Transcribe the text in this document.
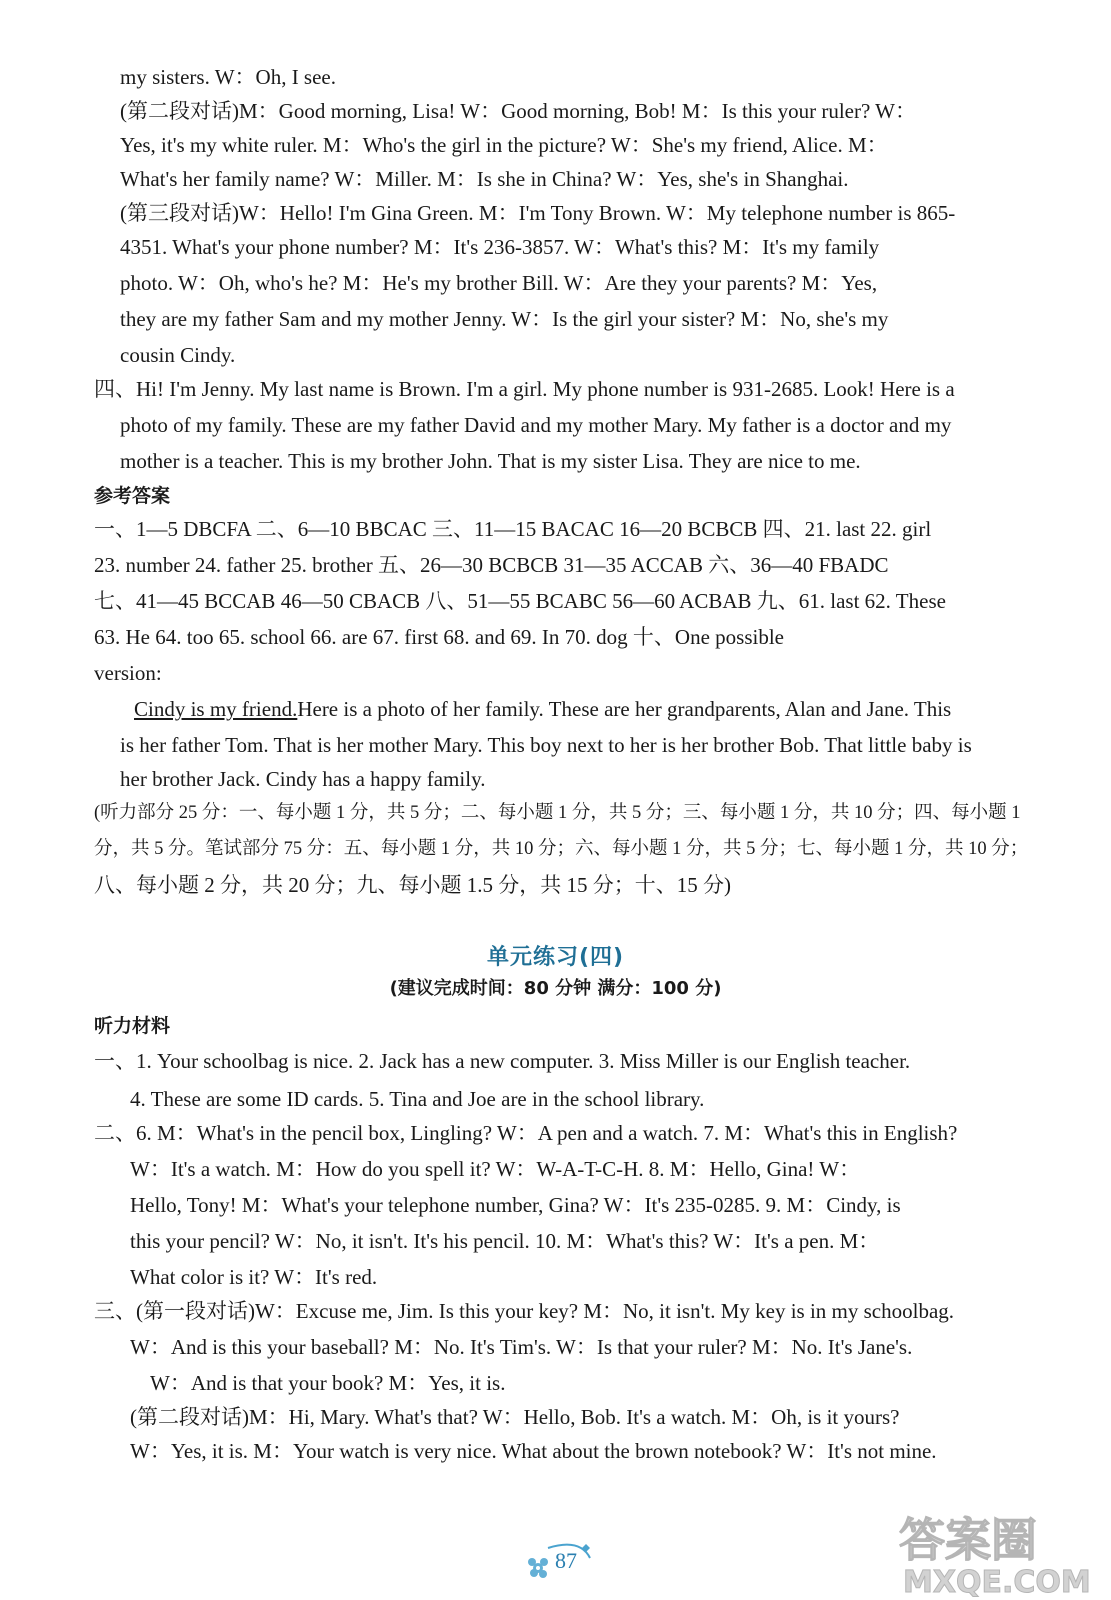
my sisters. W：Oh, I see.
(第二段对话)M：Good morning, Lisa! W：Good morning, Bob! M：Is this your ruler? W：
Yes, it's my white ruler. M：Who's the girl in the picture? W：She's my friend, Alice. M：
What's her family name? W：Miller. M：Is she in China? W：Yes, she's in Shanghai.
(第三段对话)W：Hello! I'm Gina Green. M：I'm Tony Brown. W：My telephone number is 865-
4351. What's your phone number? M：It's 236-3857. W：What's this? M：It's my family
photo. W：Oh, who's he? M：He's my brother Bill. W：Are they your parents? M：Yes,
they are my father Sam and my mother Jenny. W：Is the girl your sister? M：No, she's my
cousin Cindy.
四、Hi! I'm Jenny. My last name is Brown. I'm a girl. My phone number is 931-2685. Look! Here is a
photo of my family. These are my father David and my mother Mary. My father is a doctor and my
mother is a teacher. This is my brother John. That is my sister Lisa. They are nice to me.
一、1—5 DBCFA 二、6—10 BBCAC 三、11—15 BACAC 16—20 BCBCB 四、21. last 22. girl
23. number 24. father 25. brother 五、26—30 BCBCB 31—35 ACCAB 六、36—40 FBADC
七、41—45 BCCAB 46—50 CBACB 八、51—55 BCABC 56—60 ACBAB 九、61. last 62. These
63. He 64. too 65. school 66. are 67. first 68. and 69. In 70. dog 十、One possible
version:
is her father Tom. That is her mother Mary. This boy next to her is her brother Bob. That little baby is
her brother Jack. Cindy has a happy family.
(听力部分 25 分：一、每小题 1 分，共 5 分；二、每小题 1 分，共 5 分；三、每小题 1 分，共 10 分；四、每小题 1
分，共 5 分。笔试部分 75 分：五、每小题 1 分，共 10 分；六、每小题 1 分，共 5 分；七、每小题 1 分，共 10 分；
八、每小题 2 分，共 20 分；九、每小题 1.5 分，共 15 分；十、15 分)
一、1. Your schoolbag is nice. 2. Jack has a new computer. 3. Miss Miller is our English teacher.
4. These are some ID cards. 5. Tina and Joe are in the school library.
二、6. M：What's in the pencil box, Lingling? W：A pen and a watch. 7. M：What's this in English?
W：It's a watch. M：How do you spell it? W：W-A-T-C-H. 8. M：Hello, Gina! W：
Hello, Tony! M：What's your telephone number, Gina? W：It's 235-0285. 9. M：Cindy, is
this your pencil? W：No, it isn't. It's his pencil. 10. M：What's this? W：It's a pen. M：
What color is it? W：It's red.
三、(第一段对话)W：Excuse me, Jim. Is this your key? M：No, it isn't. My key is in my schoolbag.
W：And is this your baseball? M：No. It's Tim's. W：Is that your ruler? M：No. It's Jane's.
W：And is that your book? M：Yes, it is.
(第二段对话)M：Hi, Mary. What's that? W：Hello, Bob. It's a watch. M：Oh, is it yours?
W：Yes, it is. M：Your watch is very nice. What about the brown notebook? W：It's not mine.
Cindy is my friend.Here is a photo of her family. These are her grandparents, Alan and Jane. This
参考答案
听力材料
单元练习(四)
(建议完成时间：80 分钟 满分：100 分)
87	答案圈
MXQE.COM
